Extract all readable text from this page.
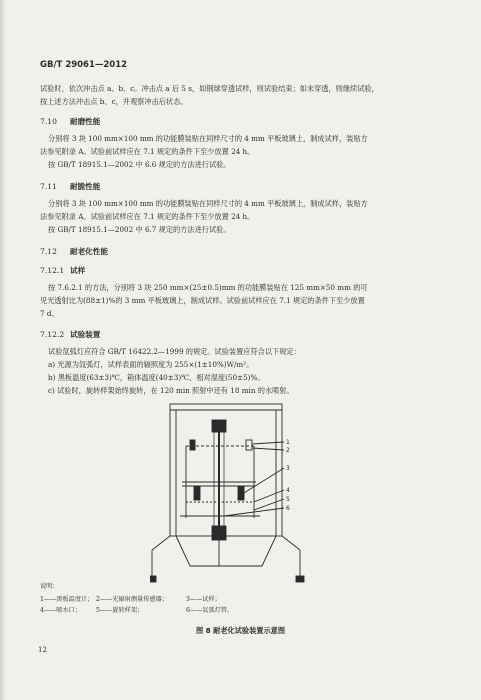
GB/T 29061—2012
试验时，依次冲击点 a、b、c。冲击点 a 后 5 s，如钢球穿透试样，则试验结束；如未穿透，则继续试验，
按上述方法冲击点 b、c，并观察冲击后状态。
7.10 耐磨性能
分别将 3 块 100 mm×100 mm 的功能膜装贴在同样尺寸的 4 mm 平板玻璃上，制成试样，装贴方
法参见附录 A。试验前试样应在 7.1 规定的条件下至少放置 24 h。
按 GB/T 18915.1—2002 中 6.6 规定的方法进行试验。
7.11 耐脆性能
分别将 3 块 100 mm×100 mm 的功能膜装贴在同样尺寸的 4 mm 平板玻璃上，制成试样，装贴方
法参见附录 A。试验前试样应在 7.1 规定的条件下至少放置 24 h。
按 GB/T 18915.1—2002 中 6.7 规定的方法进行试验。
7.12 耐老化性能
7.12.1 试样
按 7.6.2.1 的方法，分别将 3 块 250 mm×(25±0.5)mm 的功能膜装贴在 125 mm×50 mm 的可
见光透射比为(88±1)%的 3 mm 平板玻璃上，制成试样。试验前试样应在 7.1 规定的条件下至少放置
7 d。
7.12.2 试验装置
试验氙弧灯应符合 GB/T 16422.2—1999 的规定。试验装置应符合以下规定：
a) 光源为氙弧灯，试样表面的辐照度为 255×(1±10%)W/m²。
b) 黑板温度(63±3)℃，箱体温度(40±3)℃，相对湿度(50±5)%。
c) 试验时，旋转样架始终旋转，在 120 min 照射中还有 18 min 的水喷射。
1
2
3
4
5
6
说明：
1——黑板温度计； 2——光辐射测量传感器；	3——试样；
4——喷水口； 5——旋转样架；	6——氙弧灯管。
图 8 耐老化试验装置示意图
12
